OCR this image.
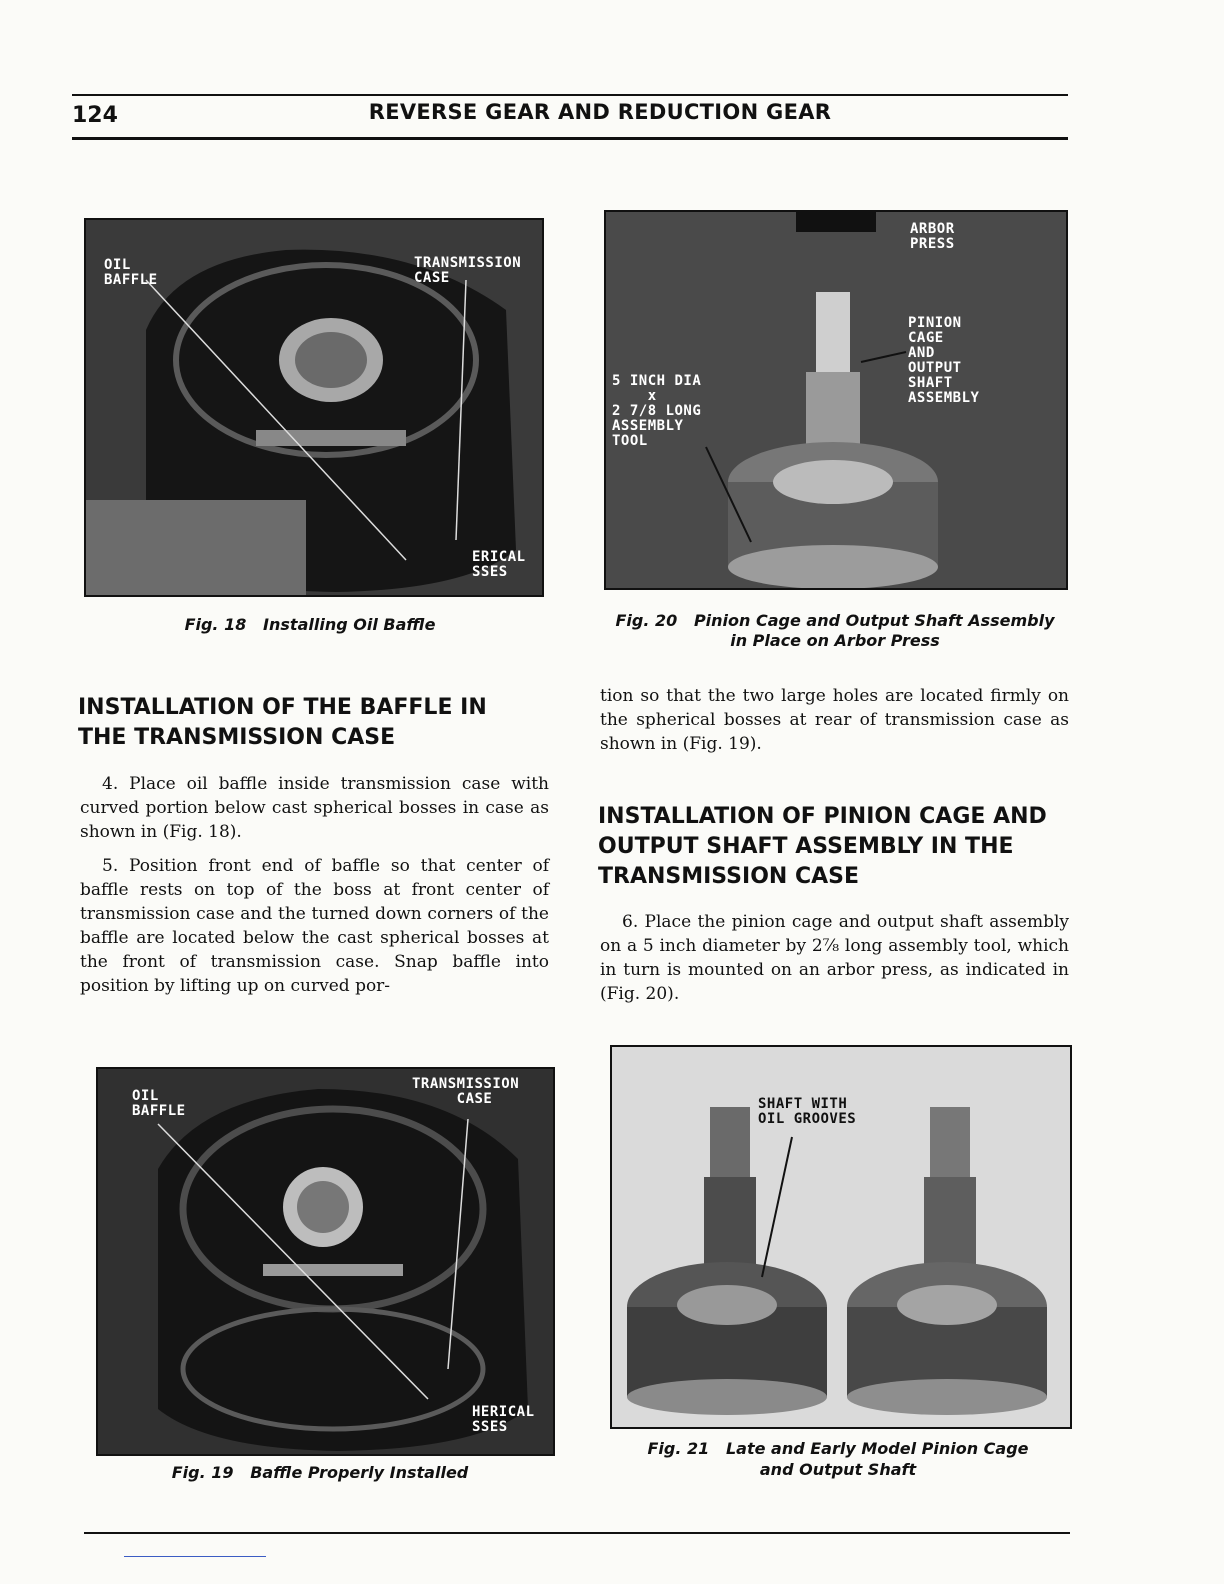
124	REVERSE GEAR AND REDUCTION GEAR
OIL
BAFFLE
TRANSMISSION
CASE
ERICAL
SSES
Fig. 18   Installing Oil Baffle
ARBOR
PRESS
PINION
CAGE
AND
OUTPUT
SHAFT
ASSEMBLY
5 INCH DIA
x
2 7/8 LONG
ASSEMBLY
TOOL
Fig. 20   Pinion Cage and Output Shaft Assembly
in Place on Arbor Press
INSTALLATION OF THE BAFFLE IN THE TRANSMISSION CASE

4. Place oil baffle inside transmission case with curved portion below cast spherical bosses in case as shown in (Fig. 18).

5. Position front end of baffle so that center of baffle rests on top of the boss at front center of transmission case and the turned down corners of the baffle are located below the cast spherical bosses at the front of transmission case. Snap baffle into position by lifting up on curved por-

tion so that the two large holes are located firmly on the spherical bosses at rear of transmission case as shown in (Fig. 19).
INSTALLATION OF PINION CAGE AND OUTPUT SHAFT ASSEMBLY IN THE TRANSMISSION CASE
6. Place the pinion cage and output shaft assembly on a 5 inch diameter by 2⅞ long assembly tool, which in turn is mounted on an arbor press, as indicated in (Fig. 20).
OIL
BAFFLE
TRANSMISSION
CASE
HERICAL
SSES
Fig. 19   Baffle Properly Installed
SHAFT WITH
OIL GROOVES
Fig. 21   Late and Early Model Pinion Cage
and Output Shaft
